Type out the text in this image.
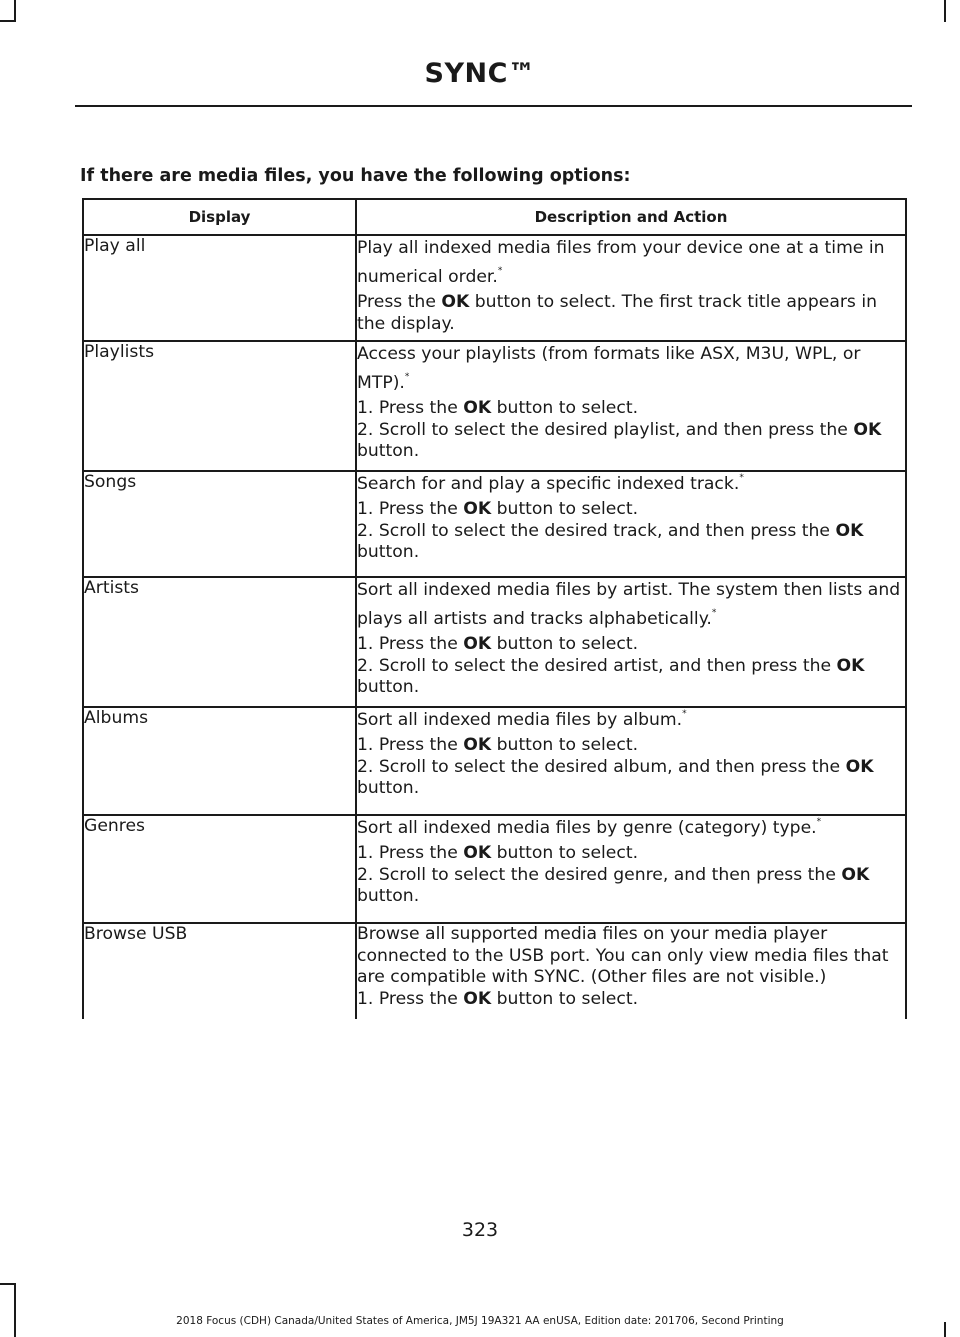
SYNC™
If there are media files, you have the following options:
Display	Description and Action
Play all	Play all indexed media files from your device one at a time in numerical order.*
Press the OK button to select. The first track title appears in the display.

Playlists	Access your playlists (from formats like ASX, M3U, WPL, or MTP).*
1. Press the OK button to select.
2. Scroll to select the desired playlist, and then press the OK button.

Songs	Search for and play a specific indexed track.*
1. Press the OK button to select.
2. Scroll to select the desired track, and then press the OK button.

Artists	Sort all indexed media files by artist. The system then lists and plays all artists and tracks alphabetically.*
1. Press the OK button to select.
2. Scroll to select the desired artist, and then press the OK button.

Albums	Sort all indexed media files by album.*
1. Press the OK button to select.
2. Scroll to select the desired album, and then press the OK button.

Genres	Sort all indexed media files by genre (category) type.*
1. Press the OK button to select.
2. Scroll to select the desired genre, and then press the OK button.

Browse USB	Browse all supported media files on your media player connected to the USB port. You can only view media files that are compatible with SYNC. (Other files are not visible.)
1. Press the OK button to select.
323
2018 Focus (CDH) Canada/United States of America, JM5J 19A321 AA enUSA, Edition date: 201706, Second Printing
